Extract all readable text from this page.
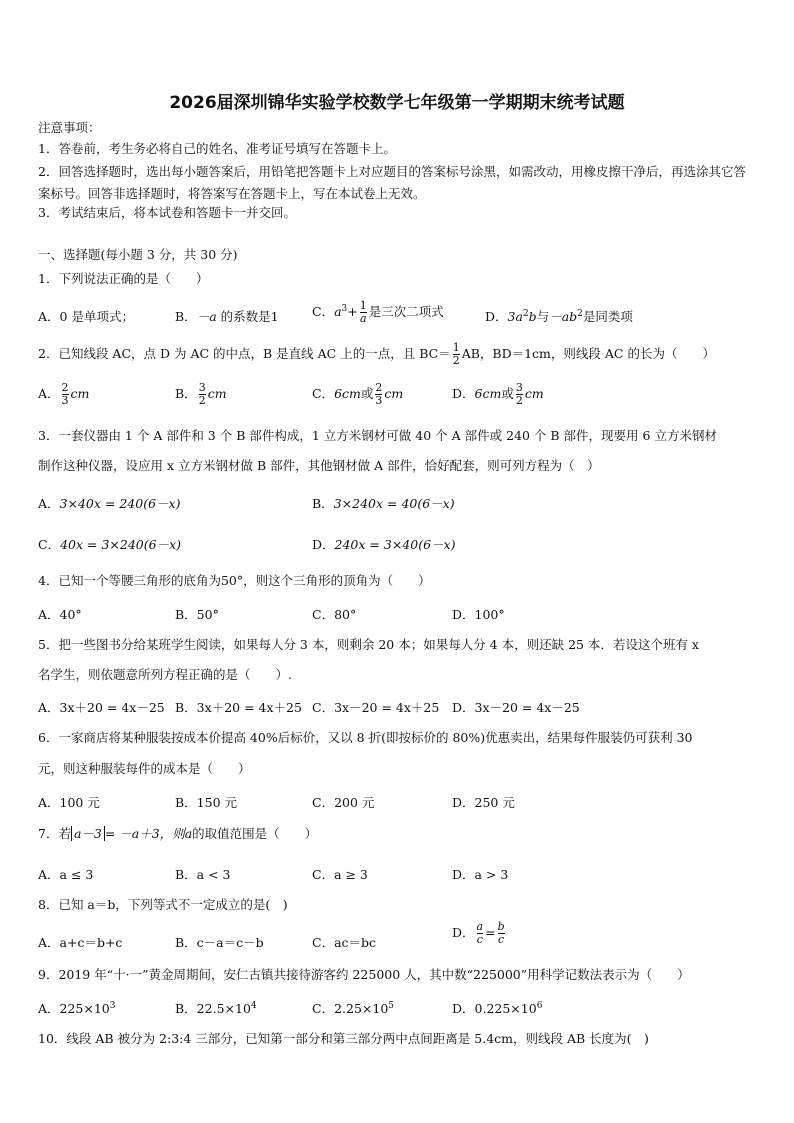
2026届深圳锦华实验学校数学七年级第一学期期末统考试题
注意事项：
1．答卷前，考生务必将自己的姓名、准考证号填写在答题卡上。
2．回答选择题时，选出每小题答案后，用铅笔把答题卡上对应题目的答案标号涂黑，如需改动，用橡皮擦干净后，再选涂其它答案标号。回答非选择题时，将答案写在答题卡上，写在本试卷上无效。
3．考试结束后，将本试卷和答题卡一并交回。
一、选择题(每小题 3 分，共 30 分)
1．下列说法正确的是（　　）
A．0 是单项式；	B．－a 的系数是1	C．$a^3+ \frac{1}{a}$ 是三次二项式	D．$3a^2b$与$-ab^2$是同类项
2．已知线段 AC，点 D 为 AC 的中点，B 是直线 AC 上的一点，且 $BC= \frac{1}{2}$ AB，BD＝1cm，则线段 AC 的长为（　　）
A． $\frac{2}{3}$ cm	B． $\frac{3}{2}$ cm	C．6cm或 $\frac{2}{3}$ cm	D．6cm或 $\frac{3}{2}$ cm
3．一套仪器由 1 个 A 部件和 3 个 B 部件构成，1 立方米钢材可做 40 个 A 部件或 240 个 B 部件，现要用 6 立方米钢材
制作这种仪器，设应用 x 立方米钢材做 B 部件，其他钢材做 A 部件，恰好配套，则可列方程为（　）
A．3×40x = 240(6－x)	B．3×240x = 40(6－x)
C．40x = 3×240(6－x)	D．240x = 3×40(6－x)
4．已知一个等腰三角形的底角为50°，则这个三角形的顶角为（　　）
A．40°	B．50°	C．80°	D．100°
5．把一些图书分给某班学生阅读，如果每人分 3 本，则剩余 20 本；如果每人分 4 本，则还缺 25 本．若设这个班有 x
名学生，则依题意所列方程正确的是（　　）.
A．3x＋20 = 4x－25 B．3x＋20 = 4x＋25 C．3x－20 = 4x＋25 D．3x－20 = 4x－25
6．一家商店将某种服装按成本价提高 40%后标价，又以 8 折(即按标价的 80%)优惠卖出，结果每件服装仍可获利 30
元，则这种服装每件的成本是（　　）
A．100 元	B．150 元	C．200 元	D．250 元
7．若 a－3 = －a＋3，则a的取值范围是（　　）
A．a ≤ 3	B．a < 3	C．a ≥ 3	D．a > 3
8．已知 a＝b，下列等式不一定成立的是(　)
A．a+c＝b+c	B．c－a＝c－b	C．ac＝bc
D． $\frac{a}{c} = \frac{b}{c}$
9．2019 年“十·一”黄金周期间，安仁古镇共接待游客约 225000 人，其中数“225000”用科学记数法表示为（　　）
A．$225\times 10^3$	B．$22.5\times 10^4$	C．$2.25\times 10^5$	D．$0.225\times 10^6$
10．线段 AB 被分为 2:3:4 三部分，已知第一部分和第三部分两中点间距离是 5.4cm，则线段 AB 长度为(　)
